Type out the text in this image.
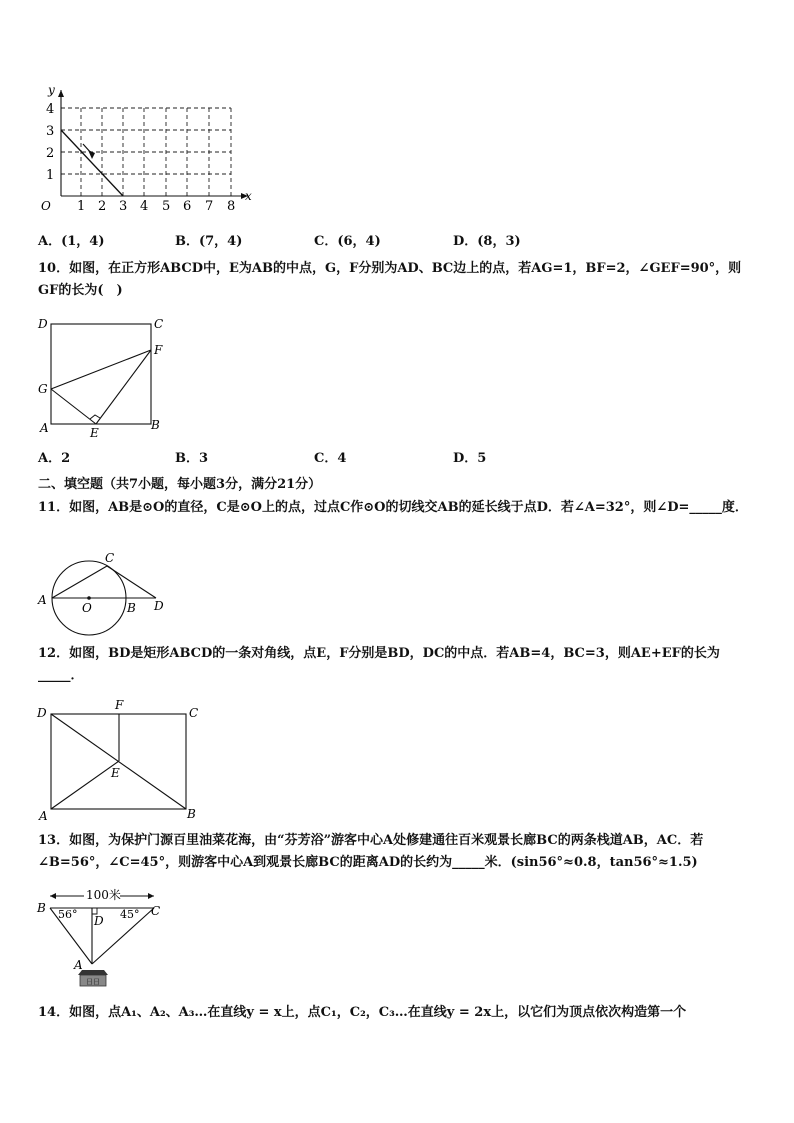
y
x
O
4
3
2
1
1 2 3 4 5 6 7 8
A．(1，4)	B．(7，4)	C．(6，4)	D．(8，3)
10．如图，在正方形ABCD中，E为AB的中点，G，F分别为AD、BC边上的点，若AG=1，BF=2，∠GEF=90°，则GF的长为(　)
D	C
F
G
A	E
B
A．2	B．3	C．4	D．5
二、填空题（共7小题，每小题3分，满分21分）
11．如图，AB是⊙O的直径，C是⊙O上的点，过点C作⊙O的切线交AB的延长线于点D．若∠A=32°，则∠D=_____度．
A
O	B
C
D
12．如图，BD是矩形ABCD的一条对角线，点E，F分别是BD，DC的中点．若AB=4，BC=3，则AE+EF的长为_____．
D
F
C
E
A	B
13．如图，为保护门源百里油菜花海，由“芬芳浴”游客中心A处修建通往百米观景长廊BC的两条栈道AB，AC．若∠B=56°，∠C=45°，则游客中心A到观景长廊BC的距离AD的长约为_____米．(sin56°≈0.8，tan56°≈1.5)
100米
B	C
D
A
56°	45°
日日
14．如图，点A₁、A₂、A₃…在直线y = x上，点C₁，C₂，C₃…在直线y = 2x上，以它们为顶点依次构造第一个
